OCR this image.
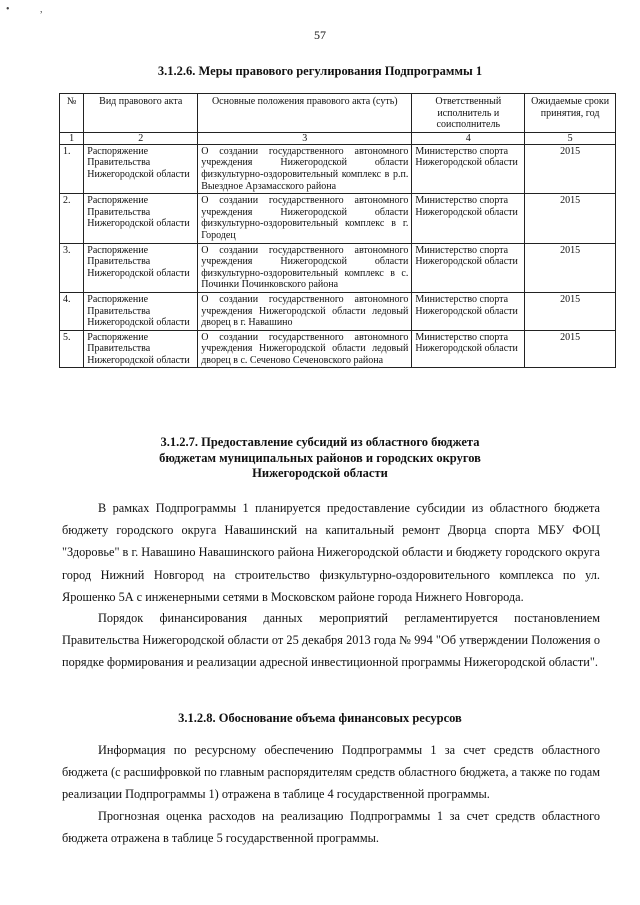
•	,
57
3.1.2.6. Меры правового регулирования Подпрограммы 1
№	Вид правового акта	Основные положения правового акта (суть)	Ответственный исполнитель и соисполнитель	Ожидаемые сроки принятия, год
1	2	3	4	5
1.	Распоряжение Правительства Нижегородской области	О создании государственного автономного учреждения Нижегородской области физкультурно-оздоровительный комплекс в р.п. Выездное Арзамасского района	Министерство спорта Нижегородской области	2015
2.	Распоряжение Правительства Нижегородской области	О создании государственного автономного учреждения Нижегородской области физкультурно-оздоровительный комплекс в г. Городец	Министерство спорта Нижегородской области	2015
3.	Распоряжение Правительства Нижегородской области	О создании государственного автономного учреждения Нижегородской области физкультурно-оздоровительный комплекс в с. Починки Починковского района	Министерство спорта Нижегородской области	2015
4.	Распоряжение Правительства Нижегородской области	О создании государственного автономного учреждения Нижегородской области ледовый дворец в г. Навашино	Министерство спорта Нижегородской области	2015
5.	Распоряжение Правительства Нижегородской области	О создании государственного автономного учреждения Нижегородской области ледовый дворец в с. Сеченово Сеченовского района	Министерство спорта Нижегородской области	2015
3.1.2.7. Предоставление субсидий из областного бюджета
бюджетам муниципальных районов и городских округов
Нижегородской области

В рамках Подпрограммы 1 планируется предоставление субсидии из областного бюджета бюджету городского округа Навашинский на капитальный ремонт Дворца спорта МБУ ФОЦ "Здоровье" в г. Навашино Навашинского района Нижегородской области и бюджету городского округа город Нижний Новгород на строительство физкультурно-оздоровительного комплекса по ул. Ярошенко 5А с инженерными сетями в Московском районе города Нижнего Новгорода.

Порядок финансирования данных мероприятий регламентируется постановлением Правительства Нижегородской области от 25 декабря 2013 года № 994 "Об утверждении Положения о порядке формирования и реализации адресной инвестиционной программы Нижегородской области".

3.1.2.8. Обоснование объема финансовых ресурсов

Информация по ресурсному обеспечению Подпрограммы 1 за счет средств областного бюджета (с расшифровкой по главным распорядителям средств областного бюджета, а также по годам реализации Подпрограммы 1) отражена в таблице 4 государственной программы.

Прогнозная оценка расходов на реализацию Подпрограммы 1 за счет средств областного бюджета отражена в таблице 5 государственной программы.
